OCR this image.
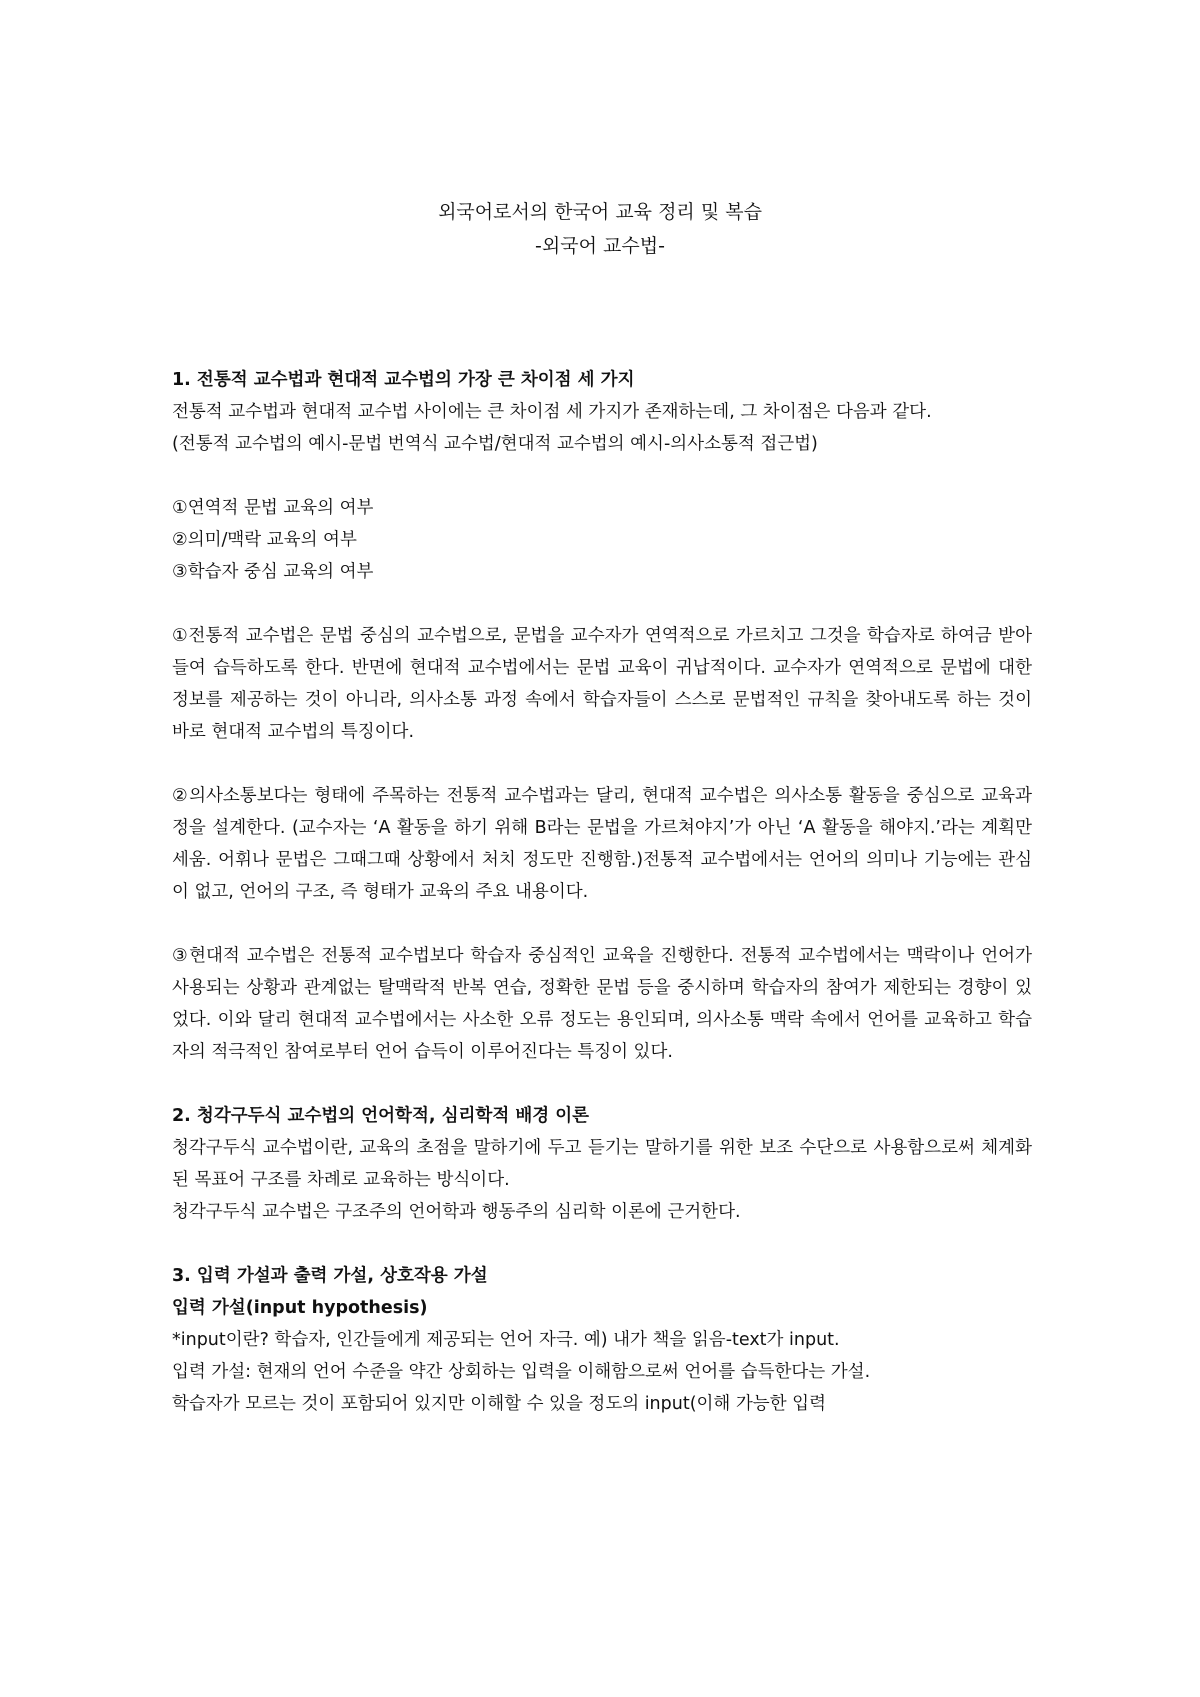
외국어로서의 한국어 교육 정리 및 복습
-외국어 교수법-

1. 전통적 교수법과 현대적 교수법의 가장 큰 차이점 세 가지

전통적 교수법과 현대적 교수법 사이에는 큰 차이점 세 가지가 존재하는데, 그 차이점은 다음과 같다.

(전통적 교수법의 예시-문법 번역식 교수법/현대적 교수법의 예시-의사소통적 접근법)

①연역적 문법 교육의 여부

②의미/맥락 교육의 여부

③학습자 중심 교육의 여부

①전통적 교수법은 문법 중심의 교수법으로, 문법을 교수자가 연역적으로 가르치고 그것을 학습자로 하여금 받아들여 습득하도록 한다. 반면에 현대적 교수법에서는 문법 교육이 귀납적이다. 교수자가 연역적으로 문법에 대한 정보를 제공하는 것이 아니라, 의사소통 과정 속에서 학습자들이 스스로 문법적인 규칙을 찾아내도록 하는 것이 바로 현대적 교수법의 특징이다.

②의사소통보다는 형태에 주목하는 전통적 교수법과는 달리, 현대적 교수법은 의사소통 활동을 중심으로 교육과정을 설계한다. (교수자는 ‘A 활동을 하기 위해 B라는 문법을 가르쳐야지’가 아닌 ‘A 활동을 해야지.’라는 계획만 세움. 어휘나 문법은 그때그때 상황에서 처치 정도만 진행함.)전통적 교수법에서는 언어의 의미나 기능에는 관심이 없고, 언어의 구조, 즉 형태가 교육의 주요 내용이다.

③현대적 교수법은 전통적 교수법보다 학습자 중심적인 교육을 진행한다. 전통적 교수법에서는 맥락이나 언어가 사용되는 상황과 관계없는 탈맥락적 반복 연습, 정확한 문법 등을 중시하며 학습자의 참여가 제한되는 경향이 있었다. 이와 달리 현대적 교수법에서는 사소한 오류 정도는 용인되며, 의사소통 맥락 속에서 언어를 교육하고 학습자의 적극적인 참여로부터 언어 습득이 이루어진다는 특징이 있다.

2. 청각구두식 교수법의 언어학적, 심리학적 배경 이론

청각구두식 교수법이란, 교육의 초점을 말하기에 두고 듣기는 말하기를 위한 보조 수단으로 사용함으로써 체계화된 목표어 구조를 차례로 교육하는 방식이다.

청각구두식 교수법은 구조주의 언어학과 행동주의 심리학 이론에 근거한다.

3. 입력 가설과 출력 가설, 상호작용 가설

입력 가설(input hypothesis)

*input이란? 학습자, 인간들에게 제공되는 언어 자극. 예) 내가 책을 읽음-text가 input.

입력 가설: 현재의 언어 수준을 약간 상회하는 입력을 이해함으로써 언어를 습득한다는 가설.

학습자가 모르는 것이 포함되어 있지만 이해할 수 있을 정도의 input(이해 가능한 입력
